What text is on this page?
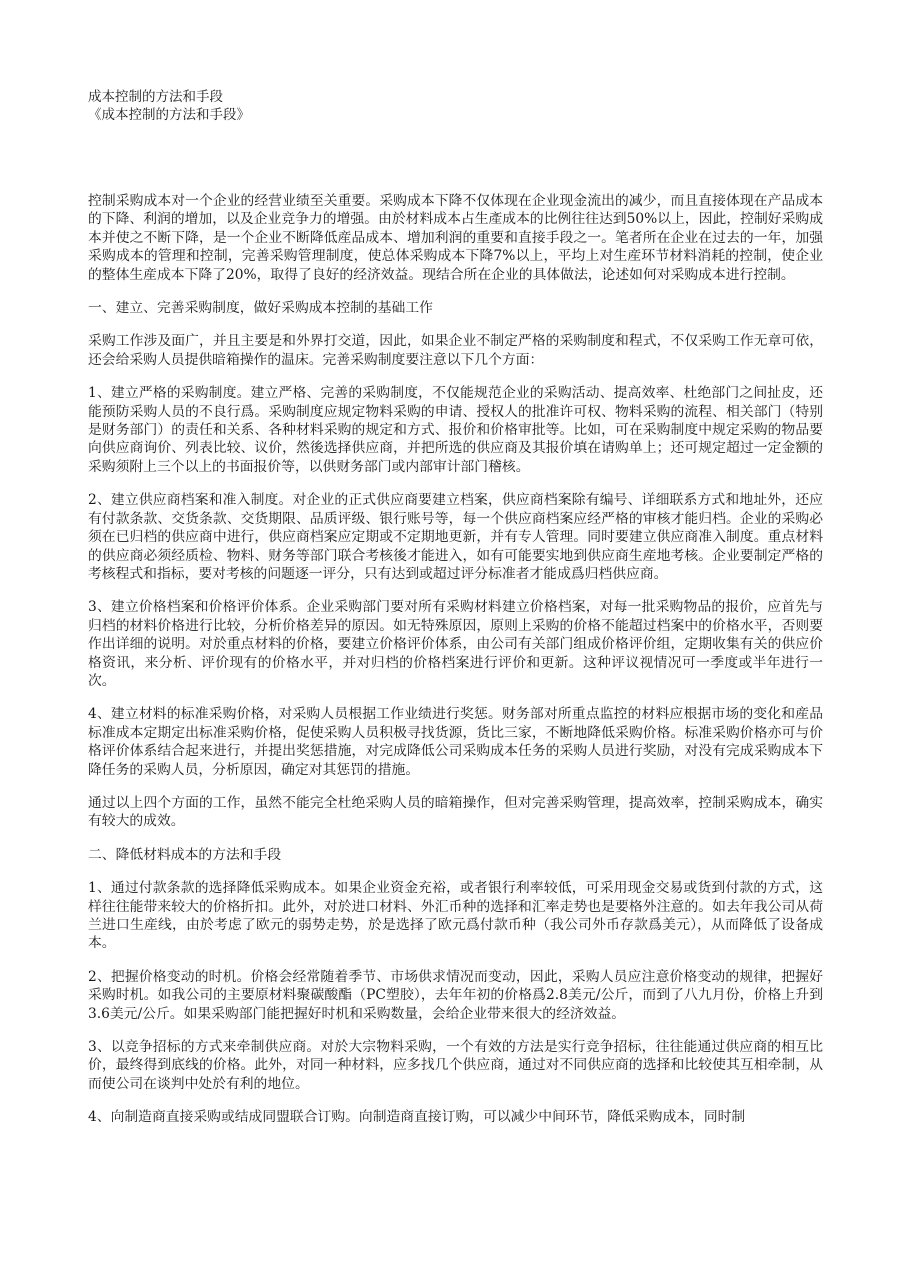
成本控制的方法和手段

《成本控制的方法和手段》

控制采购成本对一个企业的经营业绩至关重要。采购成本下降不仅体现在企业现金流出的减少，而且直接体现在产品成本的下降、利润的增加，以及企业竞争力的增强。由於材料成本占生產成本的比例往往达到50%以上，因此，控制好采购成本并使之不断下降，是一个企业不断降低産品成本、增加利润的重要和直接手段之一。笔者所在企业在过去的一年，加强采购成本的管理和控制，完善采购管理制度，使总体采购成本下降7%以上，平均上对生産环节材料消耗的控制，使企业的整体生産成本下降了20%，取得了良好的经济效益。现结合所在企业的具体做法，论述如何对采购成本进行控制。

一、建立、完善采购制度，做好采购成本控制的基础工作

采购工作涉及面广，并且主要是和外界打交道，因此，如果企业不制定严格的采购制度和程式，不仅采购工作无章可依，还会给采购人员提供暗箱操作的温床。完善采购制度要注意以下几个方面：

1、建立严格的采购制度。建立严格、完善的采购制度，不仅能规范企业的采购活动、提高效率、杜绝部门之间扯皮，还能预防采购人员的不良行爲。采购制度应规定物料采购的申请、授权人的批准许可权、物料采购的流程、相关部门（特别是财务部门）的责任和关系、各种材料采购的规定和方式、报价和价格审批等。比如，可在采购制度中规定采购的物品要向供应商询价、列表比较、议价，然後选择供应商，并把所选的供应商及其报价填在请购单上；还可规定超过一定金额的采购须附上三个以上的书面报价等，以供财务部门或内部审计部门稽核。

2、建立供应商档案和准入制度。对企业的正式供应商要建立档案，供应商档案除有编号、详细联系方式和地址外，还应有付款条款、交货条款、交货期限、品质评级、银行账号等，每一个供应商档案应经严格的审核才能归档。企业的采购必须在已归档的供应商中进行，供应商档案应定期或不定期地更新，并有专人管理。同时要建立供应商准入制度。重点材料的供应商必须经质检、物料、财务等部门联合考核後才能进入，如有可能要实地到供应商生産地考核。企业要制定严格的考核程式和指标，要对考核的问题逐一评分，只有达到或超过评分标准者才能成爲归档供应商。

3、建立价格档案和价格评价体系。企业采购部门要对所有采购材料建立价格档案，对每一批采购物品的报价，应首先与归档的材料价格进行比较，分析价格差异的原因。如无特殊原因，原则上采购的价格不能超过档案中的价格水平，否则要作出详细的说明。对於重点材料的价格，要建立价格评价体系，由公司有关部门组成价格评价组，定期收集有关的供应价格资讯，来分析、评价现有的价格水平，并对归档的价格档案进行评价和更新。这种评议视情况可一季度或半年进行一次。

4、建立材料的标准采购价格，对采购人员根据工作业绩进行奖惩。财务部对所重点监控的材料应根据市场的变化和産品标准成本定期定出标准采购价格，促使采购人员积极寻找货源，货比三家，不断地降低采购价格。标准采购价格亦可与价格评价体系结合起来进行，并提出奖惩措施，对完成降低公司采购成本任务的采购人员进行奖励，对没有完成采购成本下降任务的采购人员，分析原因，确定对其惩罚的措施。

通过以上四个方面的工作，虽然不能完全杜绝采购人员的暗箱操作，但对完善采购管理，提高效率，控制采购成本，确实有较大的成效。

二、降低材料成本的方法和手段

1、通过付款条款的选择降低采购成本。如果企业资金充裕，或者银行利率较低，可采用现金交易或货到付款的方式，这样往往能带来较大的价格折扣。此外，对於进口材料、外汇币种的选择和汇率走势也是要格外注意的。如去年我公司从荷兰进口生産线，由於考虑了欧元的弱势走势，於是选择了欧元爲付款币种（我公司外币存款爲美元），从而降低了设备成本。

2、把握价格变动的时机。价格会经常随着季节、市场供求情况而变动，因此，采购人员应注意价格变动的规律，把握好采购时机。如我公司的主要原材料聚碳酸酯（PC塑胶），去年年初的价格爲2.8美元/公斤，而到了八九月份，价格上升到3.6美元/公斤。如果采购部门能把握好时机和采购数量，会给企业带来很大的经济效益。

3、以竞争招标的方式来牵制供应商。对於大宗物料采购，一个有效的方法是实行竞争招标，往往能通过供应商的相互比价，最终得到底线的价格。此外，对同一种材料，应多找几个供应商，通过对不同供应商的选择和比较使其互相牵制，从而使公司在谈判中处於有利的地位。

4、向制造商直接采购或结成同盟联合订购。向制造商直接订购，可以减少中间环节，降低采购成本，同时制
